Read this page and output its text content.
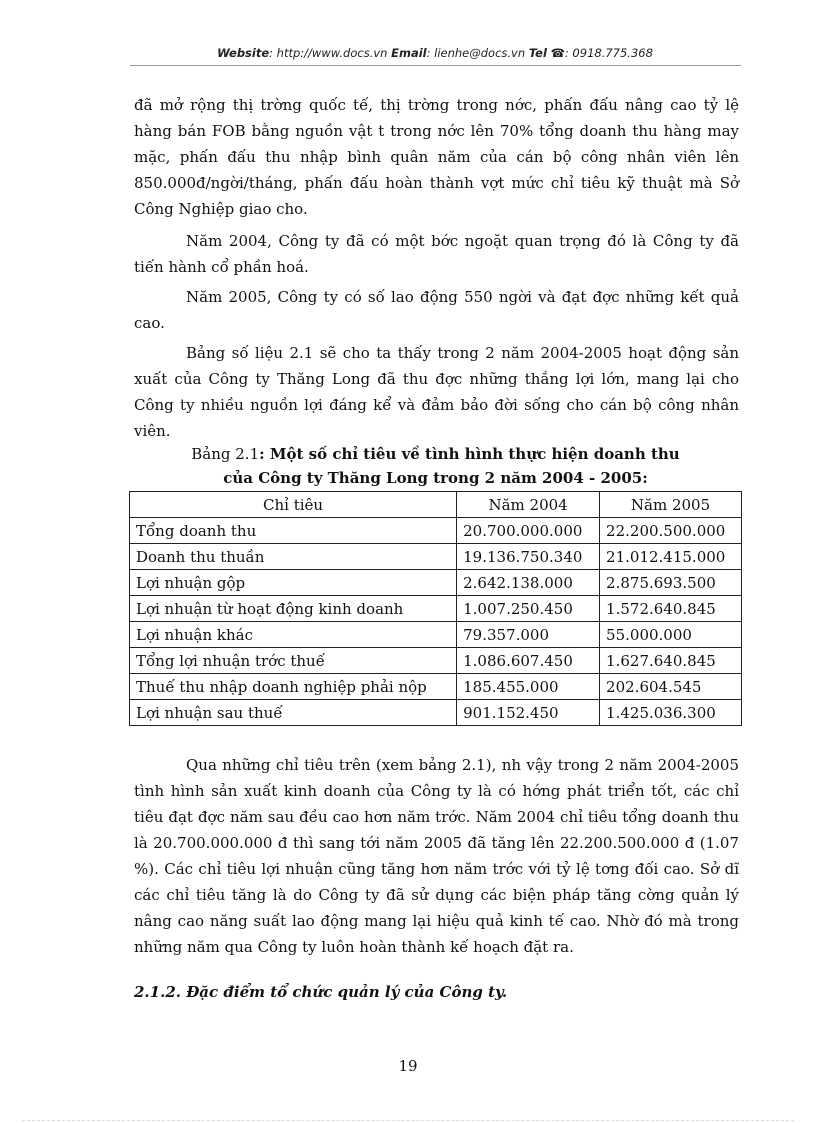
Website: http://www.docs.vn Email: lienhe@docs.vn Tel ☎: 0918.775.368

đã mở rộng thị trờng quốc tế, thị trờng trong nớc, phấn đấu nâng cao tỷ lệ hàng bán FOB bằng nguồn vật t trong nớc lên 70% tổng doanh thu hàng may mặc, phấn đấu thu nhập bình quân năm của cán bộ công nhân viên lên 850.000đ/ngời/tháng, phấn đấu hoàn thành vợt mức chỉ tiêu kỹ thuật mà Sở Công Nghiệp giao cho.

Năm 2004, Công ty đã có một bớc ngoặt quan trọng đó là Công ty đã tiến hành cổ phần hoá.

Năm 2005, Công ty có số lao động 550 ngời và đạt đợc những kết quả cao.

Bảng số liệu 2.1 sẽ cho ta thấy trong 2 năm 2004-2005 hoạt động sản xuất của Công ty Thăng Long đã thu đợc những thắng lợi lớn, mang lại cho Công ty nhiều nguồn lợi đáng kể và đảm bảo đời sống cho cán bộ công nhân viên.

Bảng 2.1: Một số chỉ tiêu về tình hình thực hiện doanh thu
của Công ty Thăng Long trong 2 năm 2004 - 2005:
Chỉ tiêu	Năm 2004	Năm 2005
Tổng doanh thu	20.700.000.000	22.200.500.000
Doanh thu thuần	19.136.750.340	21.012.415.000
Lợi nhuận gộp	2.642.138.000	2.875.693.500
Lợi nhuận từ hoạt động kinh doanh	1.007.250.450	1.572.640.845
Lợi nhuận khác	79.357.000	55.000.000
Tổng lợi nhuận trớc thuế	1.086.607.450	1.627.640.845
Thuế thu nhập doanh nghiệp phải nộp	185.455.000	202.604.545
Lợi nhuận sau thuế	901.152.450	1.425.036.300

Qua những chỉ tiêu trên (xem bảng 2.1), nh vậy trong 2 năm 2004-2005 tình hình sản xuất kinh doanh của Công ty là có hớng phát triển tốt, các chỉ tiêu đạt đợc năm sau đều cao hơn năm trớc. Năm 2004 chỉ tiêu tổng doanh thu là 20.700.000.000 đ thì sang tới năm 2005 đã tăng lên 22.200.500.000 đ (1.07 %). Các chỉ tiêu lợi nhuận cũng tăng hơn năm trớc với tỷ lệ tơng đối cao. Sở dĩ các chỉ tiêu tăng là do Công ty đã sử dụng các biện pháp tăng cờng quản lý nâng cao năng suất lao động mang lại hiệu quả kinh tế cao. Nhờ đó mà trong những năm qua Công ty luôn hoàn thành kế hoạch đặt ra.

2.1.2. Đặc điểm tổ chức quản lý của Công ty.
19
